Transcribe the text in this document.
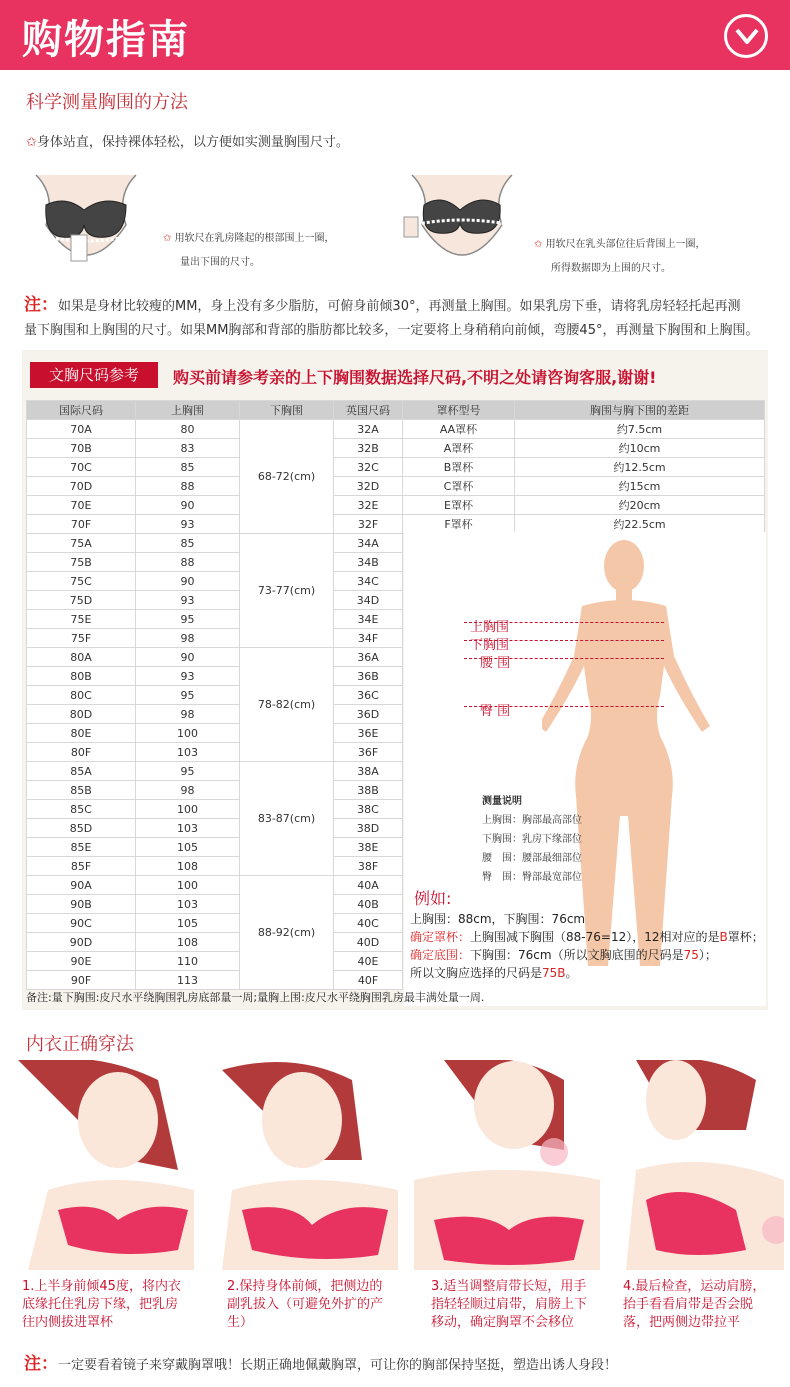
购物指南
科学测量胸围的方法
✩身体站直，保持裸体轻松，以方便如实测量胸围尺寸。
✩ 用软尺在乳房隆起的根部围上一圈，
量出下围的尺寸。
✩ 用软尺在乳头部位往后背围上一圈，
所得数据即为上围的尺寸。
注：如果是身材比较瘦的MM，身上没有多少脂肪，可俯身前倾30°，再测量上胸围。如果乳房下垂，请将乳房轻轻托起再测
量下胸围和上胸围的尺寸。如果MM胸部和背部的脂肪都比较多，一定要将上身稍稍向前倾，弯腰45°，再测量下胸围和上胸围。
文胸尺码参考	购买前请参考亲的上下胸围数据选择尺码,不明之处请咨询客服,谢谢!
国际尺码	上胸围	下胸围	英国尺码	罩杯型号	胸围与胸下围的差距
70A	80	68-72(cm)	32A	AA罩杯	约7.5cm
70B	83		32B	A罩杯	约10cm
70C	85		32C	B罩杯	约12.5cm
70D	88		32D	C罩杯	约15cm
70E	90		32E	E罩杯	约20cm
70F	93		32F	F罩杯	约22.5cm
75A	85	73-77(cm)	34A		
75B	88		34B		
75C	90		34C		
75D	93		34D		
75E	95		34E		
75F	98		34F		
80A	90	78-82(cm)	36A		
80B	93		36B		
80C	95		36C		
80D	98		36D		
80E	100		36E		
80F	103		36F		
85A	95	83-87(cm)	38A		
85B	98		38B		
85C	100		38C		
85D	103		38D		
85E	105		38E		
85F	108		38F		
90A	100	88-92(cm)	40A		
90B	103		40B		
90C	105		40C		
90D	108		40D		
90E	110		40E		
90F	113		40F		
上胸围
下胸围
腰 围
臀 围
测量说明
上胸围：胸部最高部位
下胸围：乳房下缘部位
腰　围：腰部最细部位
臀　围：臀部最宽部位
例如:
上胸围：88cm，下胸围：76cm
确定罩杯：上胸围减下胸围（88-76=12），12相对应的是B罩杯；
确定底围：下胸围：76cm（所以文胸底围的尺码是75）；
所以文胸应选择的尺码是75B。
备注:量下胸围:皮尺水平绕胸围乳房底部量一周;量胸上围:皮尺水平绕胸围乳房最丰满处量一周.
内衣正确穿法
1.上半身前倾45度，将内衣
底缘托住乳房下缘，把乳房
往内侧拔进罩杯
2.保持身体前倾，把侧边的
副乳拔入（可避免外扩的产
生）
3.适当调整肩带长短，用手
指轻轻顺过肩带，肩膀上下
移动，确定胸罩不会移位
4.最后检查，运动肩膀，
抬手看看肩带是否会脱
落，把两侧边带拉平
注：一定要看着镜子来穿戴胸罩哦！长期正确地佩戴胸罩，可让你的胸部保持坚挺，塑造出诱人身段！
